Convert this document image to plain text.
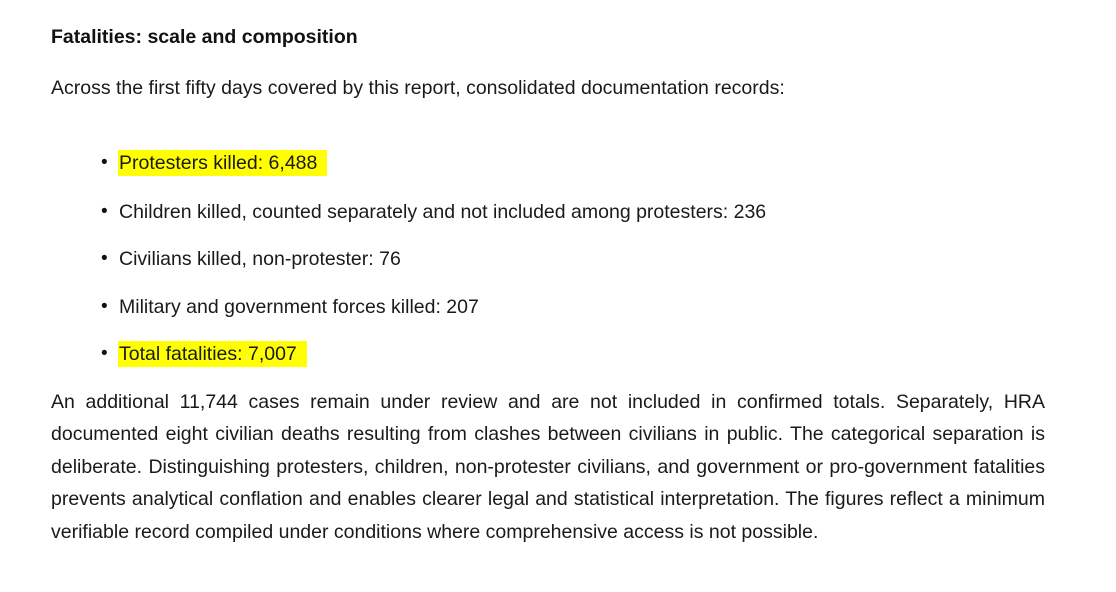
Fatalities: scale and composition
Across the first fifty days covered by this report, consolidated documentation records:
• Protesters killed: 6,488
• Children killed, counted separately and not included among protesters: 236
• Civilians killed, non-protester: 76
• Military and government forces killed: 207
• Total fatalities: 7,007

An additional 11,744 cases remain under review and are not included in confirmed totals. Separately, HRA documented eight civilian deaths resulting from clashes between civilians in public. The categorical separation is deliberate. Distinguishing protesters, children, non-protester civilians, and government or pro-government fatalities prevents analytical conflation and enables clearer legal and statistical interpretation. The figures reflect a minimum verifiable record compiled under conditions where comprehensive access is not possible.
